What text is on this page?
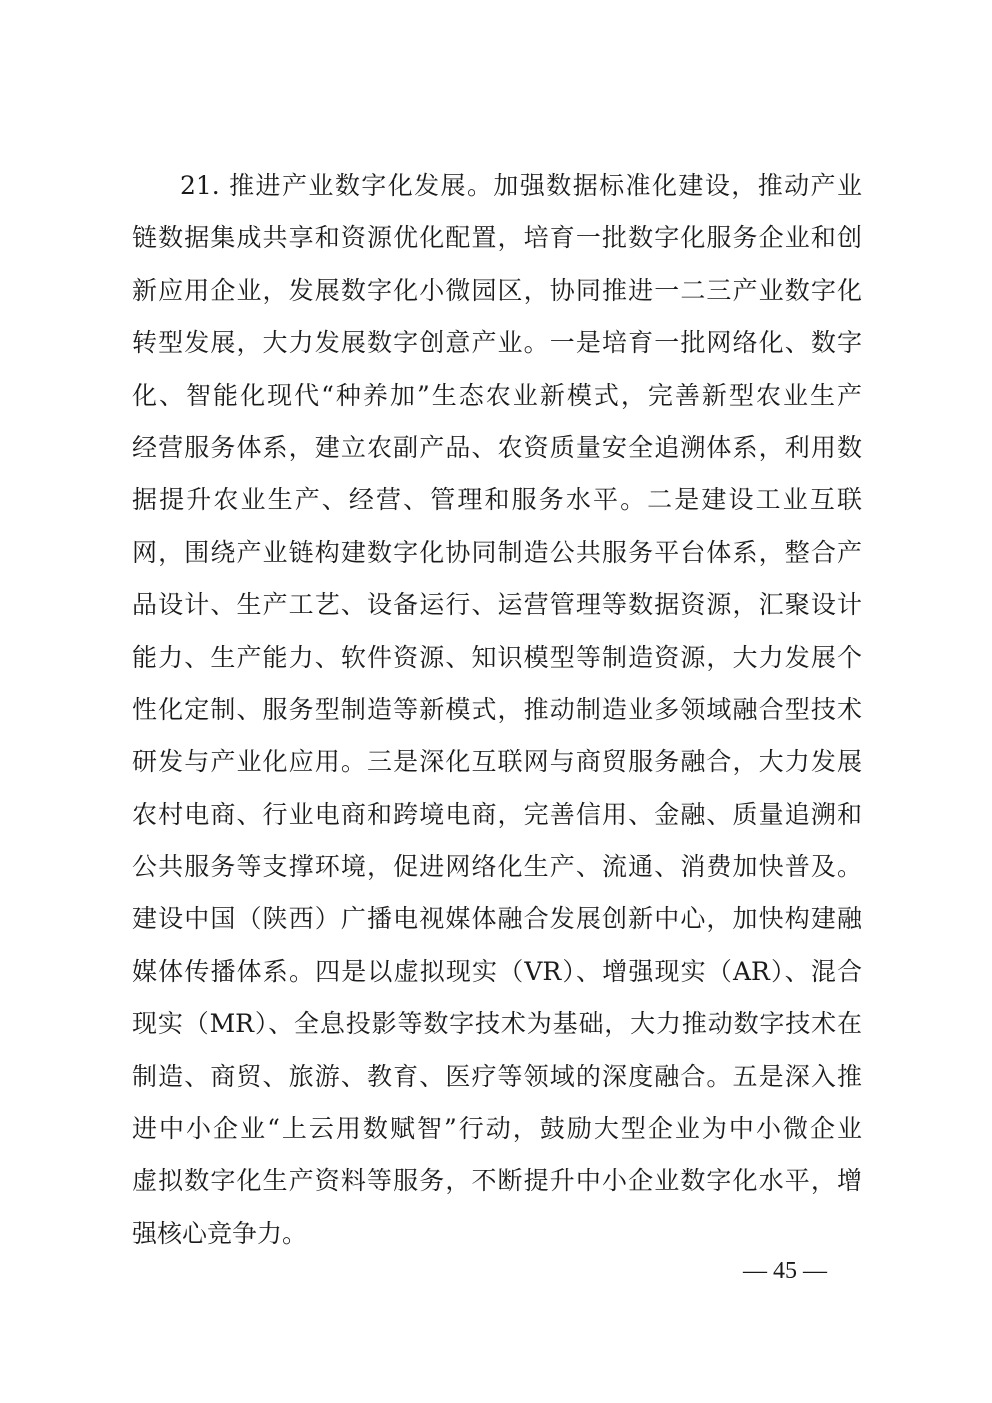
21. 推进产业数字化发展。加强数据标准化建设，推动产业
链数据集成共享和资源优化配置，培育一批数字化服务企业和创
新应用企业，发展数字化小微园区，协同推进一二三产业数字化
转型发展，大力发展数字创意产业。一是培育一批网络化、数字
化、智能化现代“种养加”生态农业新模式，完善新型农业生产
经营服务体系，建立农副产品、农资质量安全追溯体系，利用数
据提升农业生产、经营、管理和服务水平。二是建设工业互联
网，围绕产业链构建数字化协同制造公共服务平台体系，整合产
品设计、生产工艺、设备运行、运营管理等数据资源，汇聚设计
能力、生产能力、软件资源、知识模型等制造资源，大力发展个
性化定制、服务型制造等新模式，推动制造业多领域融合型技术
研发与产业化应用。三是深化互联网与商贸服务融合，大力发展
农村电商、行业电商和跨境电商，完善信用、金融、质量追溯和
公共服务等支撑环境，促进网络化生产、流通、消费加快普及。
建设中国（陕西）广播电视媒体融合发展创新中心，加快构建融
媒体传播体系。四是以虚拟现实（VR）、增强现实（AR）、混合
现实（MR）、全息投影等数字技术为基础，大力推动数字技术在
制造、商贸、旅游、教育、医疗等领域的深度融合。五是深入推
进中小企业“上云用数赋智”行动，鼓励大型企业为中小微企业
虚拟数字化生产资料等服务，不断提升中小企业数字化水平，增
强核心竞争力。
— 45 —
